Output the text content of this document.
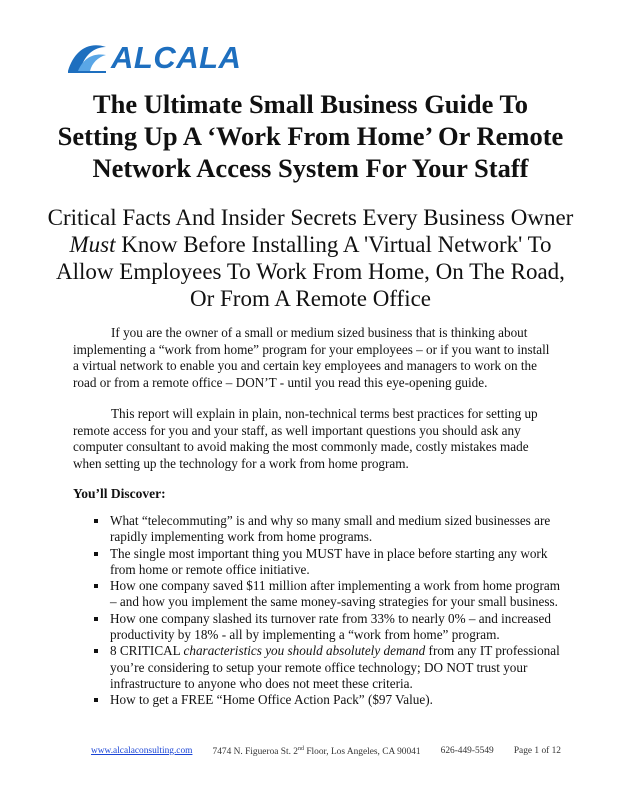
ALCALA
The Ultimate Small Business Guide To
Setting Up A ‘Work From Home’ Or Remote
Network Access System For Your Staff
Critical Facts And Insider Secrets Every Business Owner
Must Know Before Installing A 'Virtual Network' To
Allow Employees To Work From Home, On The Road,
Or From A Remote Office

If you are the owner of a small or medium sized business that is thinking about implementing a “work from home” program for your employees – or if you want to install a virtual network to enable you and certain key employees and managers to work on the road or from a remote office – DON’T - until you read this eye-opening guide.

This report will explain in plain, non-technical terms best practices for setting up remote access for you and your staff, as well important questions you should ask any computer consultant to avoid making the most commonly made, costly mistakes made when setting up the technology for a work from home program.

You’ll Discover:

What “telecommuting” is and why so many small and medium sized businesses are rapidly implementing work from home programs.
The single most important thing you MUST have in place before starting any work from home or remote office initiative.
How one company saved $11 million after implementing a work from home program – and how you implement the same money-saving strategies for your small business.
How one company slashed its turnover rate from 33% to nearly 0% – and increased productivity by 18% - all by implementing a “work from home” program.
8 CRITICAL characteristics you should absolutely demand from any IT professional you’re considering to setup your remote office technology; DO NOT trust your infrastructure to anyone who does not meet these criteria.
How to get a FREE “Home Office Action Pack” ($97 Value).
www.alcalaconsulting.com 7474 N. Figueroa St. 2nd Floor, Los Angeles, CA 90041 626-449-5549 Page 1 of 12
